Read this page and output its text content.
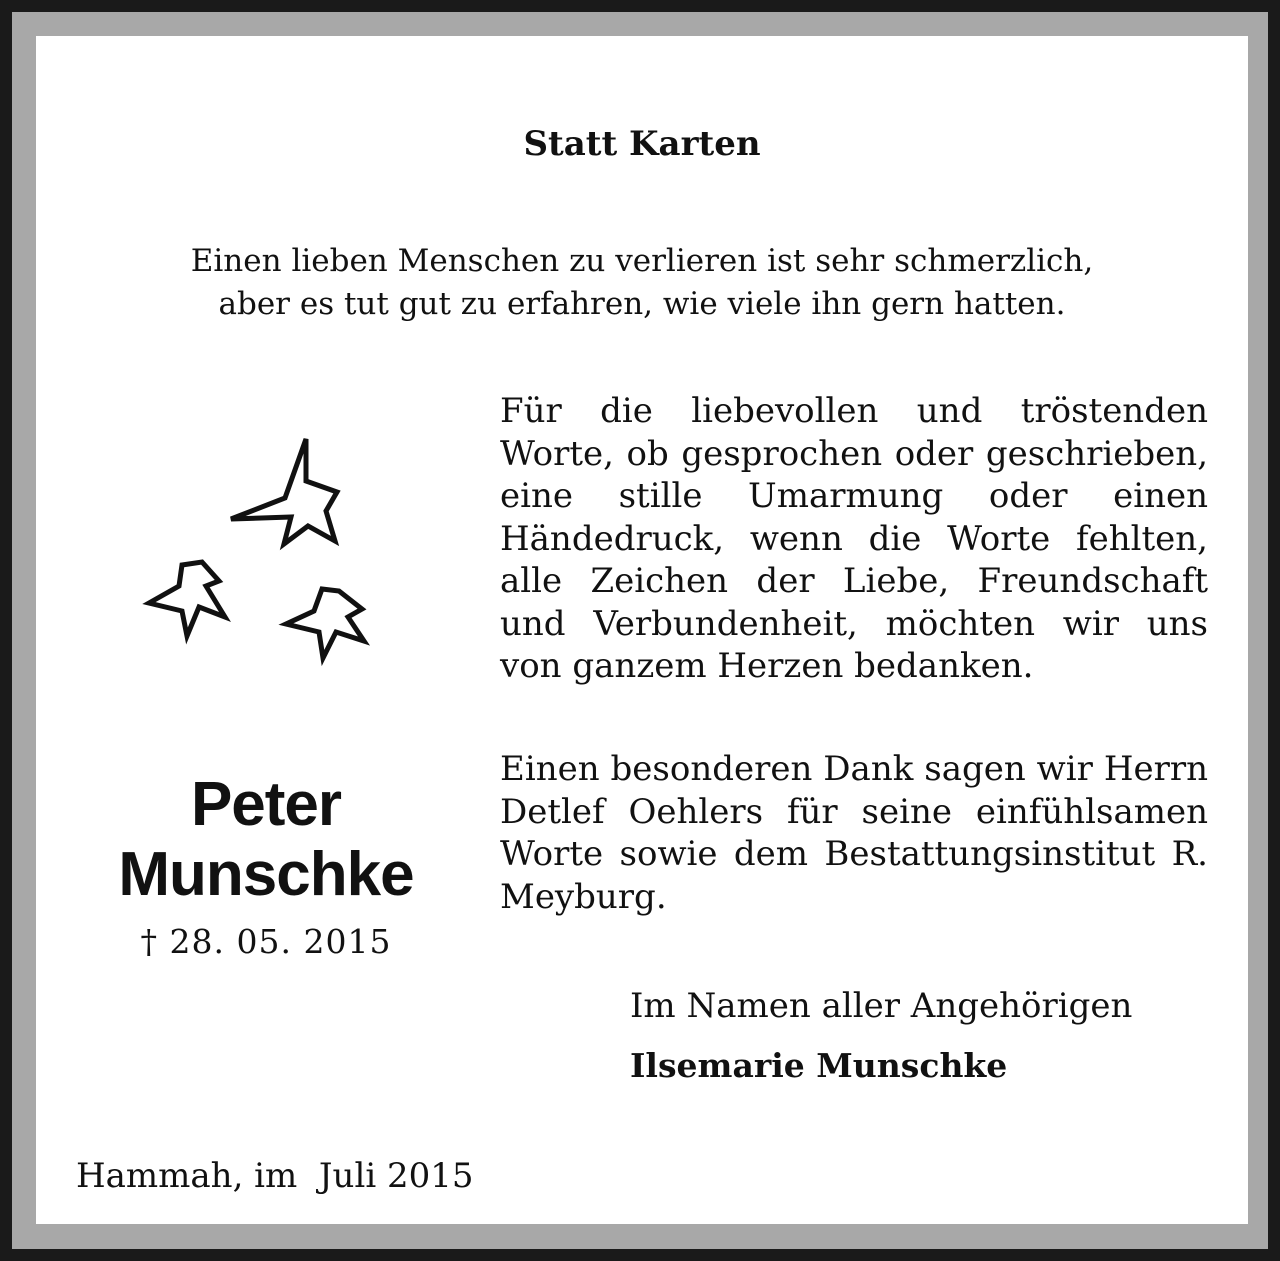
Statt Karten

Einen lieben Menschen zu verlieren ist sehr schmerzlich,
aber es tut gut zu erfahren, wie viele ihn gern hatten.

Peter

Munschke

† 28. 05. 2015

Für die liebevollen und tröstenden Worte, ob gesprochen oder geschrieben, eine stille Umarmung oder einen Händedruck, wenn die Worte fehlten, alle Zeichen der Liebe, Freundschaft und Verbundenheit, möchten wir uns von ganzem Herzen bedanken.

Einen besonderen Dank sagen wir Herrn Detlef Oehlers für seine einfühlsamen Worte sowie dem Bestattungsinstitut R. Meyburg.

Im Namen aller Angehörigen

Ilsemarie Munschke

Hammah, im  Juli 2015
